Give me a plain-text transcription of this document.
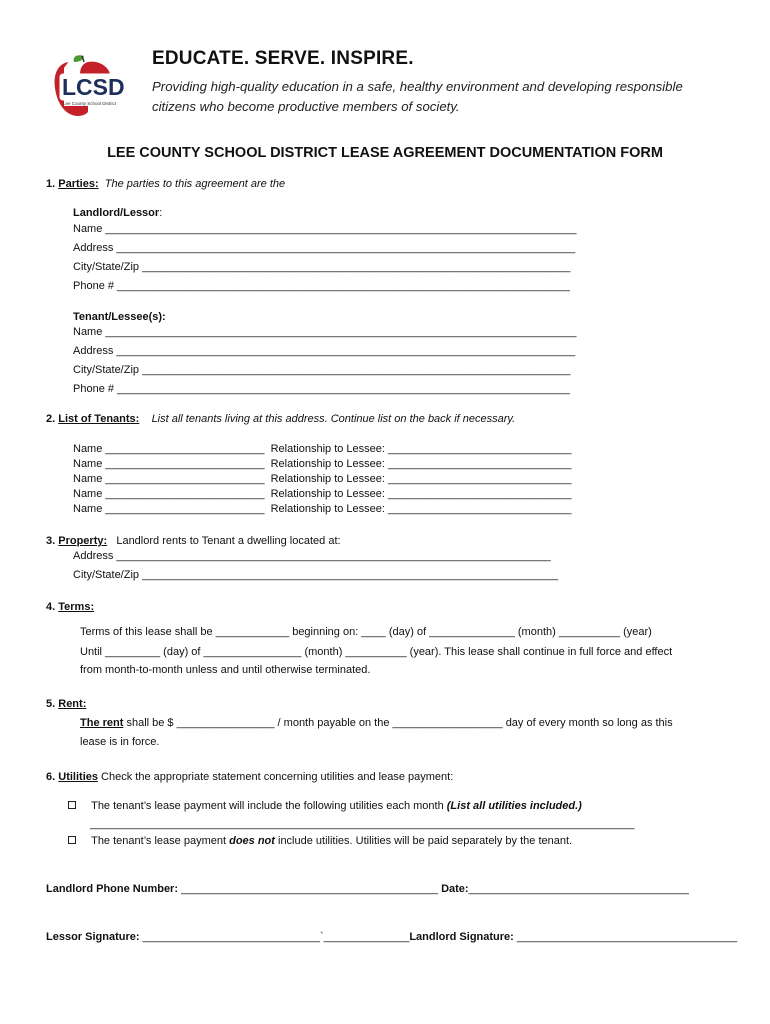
LCSD
Lee County School District
EDUCATE. SERVE. INSPIRE.
Providing high-quality education in a safe, healthy environment and developing responsible
citizens who become productive members of society.
LEE COUNTY SCHOOL DISTRICT LEASE AGREEMENT DOCUMENTATION FORM
1. Parties: The parties to this agreement are the
Landlord/Lessor:
Name _____________________________________________________________________________
Address ___________________________________________________________________________
City/State/Zip ______________________________________________________________________
Phone # __________________________________________________________________________
Tenant/Lessee(s):
Name _____________________________________________________________________________
Address ___________________________________________________________________________
City/State/Zip ______________________________________________________________________
Phone # __________________________________________________________________________
2. List of Tenants: List all tenants living at this address. Continue list on the back if necessary.
Name __________________________ Relationship to Lessee: ______________________________
Name __________________________ Relationship to Lessee: ______________________________
Name __________________________ Relationship to Lessee: ______________________________
Name __________________________ Relationship to Lessee: ______________________________
Name __________________________ Relationship to Lessee: ______________________________
3. Property: Landlord rents to Tenant a dwelling located at:
Address _______________________________________________________________________
City/State/Zip ____________________________________________________________________
4. Terms:
Terms of this lease shall be ____________ beginning on: ____ (day) of ______________ (month) __________ (year)
Until _________ (day) of ________________ (month) __________ (year). This lease shall continue in full force and effect
from month-to-month unless and until otherwise terminated.
5. Rent:
The rent shall be $ ________________ / month payable on the __________________ day of every month so long as this
lease is in force.
6. Utilities Check the appropriate statement concerning utilities and lease payment:
The tenant’s lease payment will include the following utilities each month (List all utilities included.)
_________________________________________________________________________________________
The tenant’s lease payment does not include utilities. Utilities will be paid separately by the tenant.
Landlord Phone Number: __________________________________________ Date:____________________________________
Lessor Signature: _____________________________`______________Landlord Signature: ____________________________________
